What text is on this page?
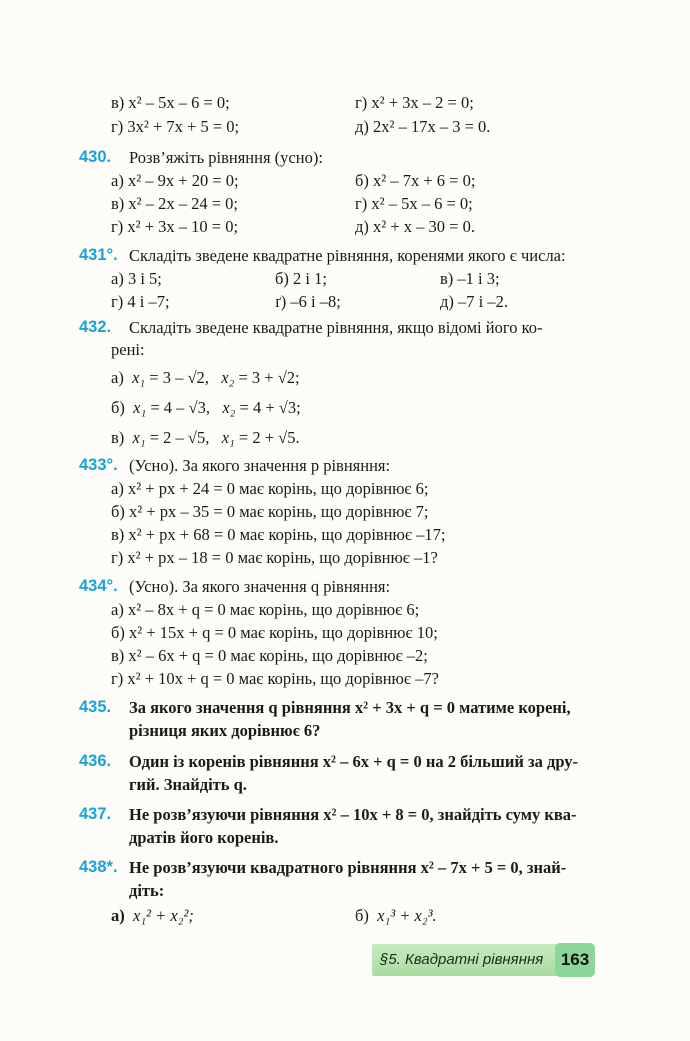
в) x² – 5x – 6 = 0;	г) x² + 3x – 2 = 0;
г) 3x² + 7x + 5 = 0;	д) 2x² – 17x – 3 = 0.
430. Розв’яжіть рівняння (усно):
а) x² – 9x + 20 = 0;	б) x² – 7x + 6 = 0;
в) x² – 2x – 24 = 0;	г) x² – 5x – 6 = 0;
г) x² + 3x – 10 = 0;	д) x² + x – 30 = 0.
431°. Складіть зведене квадратне рівняння, коренями якого є числа:
а) 3 і 5;	б) 2 і 1;	в) –1 і 3;
г) 4 і –7;	ґ) –6 і –8;	д) –7 і –2.
432. Складіть зведене квадратне рівняння, якщо відомі його ко-
рені:
а) x₁ = 3 – √2,   x₂ = 3 + √2;
б) x₁ = 4 – √3,   x₂ = 4 + √3;
в) x₁ = 2 – √5,   x₁ = 2 + √5.
433°. (Усно). За якого значення p рівняння:
а) x² + px + 24 = 0 має корінь, що дорівнює 6;
б) x² + px – 35 = 0 має корінь, що дорівнює 7;
в) x² + px + 68 = 0 має корінь, що дорівнює –17;
г) x² + px – 18 = 0 має корінь, що дорівнює –1?
434°. (Усно). За якого значення q рівняння:
а) x² – 8x + q = 0 має корінь, що дорівнює 6;
б) x² + 15x + q = 0 має корінь, що дорівнює 10;
в) x² – 6x + q = 0 має корінь, що дорівнює –2;
г) x² + 10x + q = 0 має корінь, що дорівнює –7?
435. За якого значення q рівняння x² + 3x + q = 0 матиме корені,
різниця яких дорівнює 6?
436. Один із коренів рівняння x² – 6x + q = 0 на 2 більший за дру-
гий. Знайдіть q.
437. Не розв’язуючи рівняння x² – 10x + 8 = 0, знайдіть суму ква-
дратів його коренів.
438*. Не розв’язуючи квадратного рівняння x² – 7x + 5 = 0, знай-
діть:
а) x₁² + x₂²;	б) x₁³ + x₂³.
§5. Квадратні рівняння	163
